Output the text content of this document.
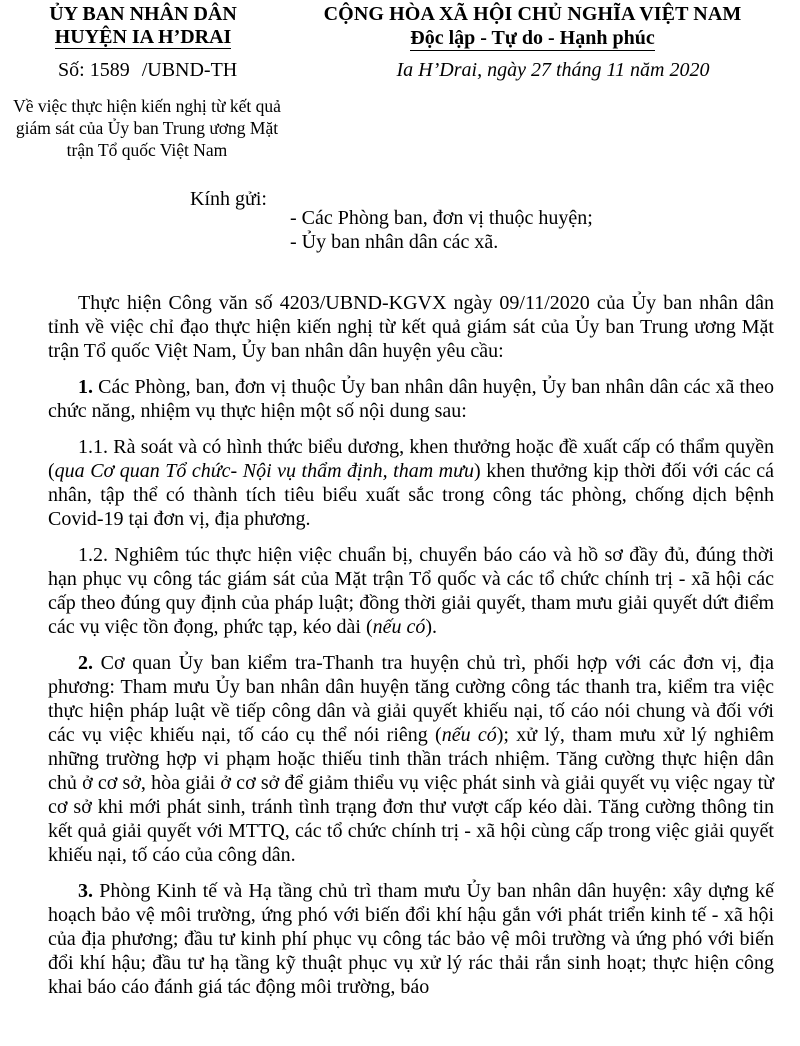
ỦY BAN NHÂN DÂN
HUYỆN IA H’DRAI
CỘNG HÒA XÃ HỘI CHỦ NGHĨA VIỆT NAM
Độc lập - Tự do - Hạnh phúc
Số: 1589 /UBND-TH	Ia H’Drai, ngày 27 tháng 11 năm 2020
Về việc thực hiện kiến nghị từ kết quả giám sát của Ủy ban Trung ương Mặt trận Tổ quốc Việt Nam
Kính gửi:
- Các Phòng ban, đơn vị thuộc huyện;
- Ủy ban nhân dân các xã.

Thực hiện Công văn số 4203/UBND-KGVX ngày 09/11/2020 của Ủy ban nhân dân tỉnh về việc chỉ đạo thực hiện kiến nghị từ kết quả giám sát của Ủy ban Trung ương Mặt trận Tổ quốc Việt Nam, Ủy ban nhân dân huyện yêu cầu:

1. Các Phòng, ban, đơn vị thuộc Ủy ban nhân dân huyện, Ủy ban nhân dân các xã theo chức năng, nhiệm vụ thực hiện một số nội dung sau:

1.1. Rà soát và có hình thức biểu dương, khen thưởng hoặc đề xuất cấp có thẩm quyền (qua Cơ quan Tổ chức- Nội vụ thẩm định, tham mưu) khen thưởng kịp thời đối với các cá nhân, tập thể có thành tích tiêu biểu xuất sắc trong công tác phòng, chống dịch bệnh Covid-19 tại đơn vị, địa phương.

1.2. Nghiêm túc thực hiện việc chuẩn bị, chuyển báo cáo và hồ sơ đầy đủ, đúng thời hạn phục vụ công tác giám sát của Mặt trận Tổ quốc và các tổ chức chính trị - xã hội các cấp theo đúng quy định của pháp luật; đồng thời giải quyết, tham mưu giải quyết dứt điểm các vụ việc tồn đọng, phức tạp, kéo dài (nếu có).

2. Cơ quan Ủy ban kiểm tra-Thanh tra huyện chủ trì, phối hợp với các đơn vị, địa phương: Tham mưu Ủy ban nhân dân huyện tăng cường công tác thanh tra, kiểm tra việc thực hiện pháp luật về tiếp công dân và giải quyết khiếu nại, tố cáo nói chung và đối với các vụ việc khiếu nại, tố cáo cụ thể nói riêng (nếu có); xử lý, tham mưu xử lý nghiêm những trường hợp vi phạm hoặc thiếu tinh thần trách nhiệm. Tăng cường thực hiện dân chủ ở cơ sở, hòa giải ở cơ sở để giảm thiểu vụ việc phát sinh và giải quyết vụ việc ngay từ cơ sở khi mới phát sinh, tránh tình trạng đơn thư vượt cấp kéo dài. Tăng cường thông tin kết quả giải quyết với MTTQ, các tổ chức chính trị - xã hội cùng cấp trong việc giải quyết khiếu nại, tố cáo của công dân.

3. Phòng Kinh tế và Hạ tầng chủ trì tham mưu Ủy ban nhân dân huyện: xây dựng kế hoạch bảo vệ môi trường, ứng phó với biến đổi khí hậu gắn với phát triển kinh tế - xã hội của địa phương; đầu tư kinh phí phục vụ công tác bảo vệ môi trường và ứng phó với biến đổi khí hậu; đầu tư hạ tầng kỹ thuật phục vụ xử lý rác thải rắn sinh hoạt; thực hiện công khai báo cáo đánh giá tác động môi trường, báo
